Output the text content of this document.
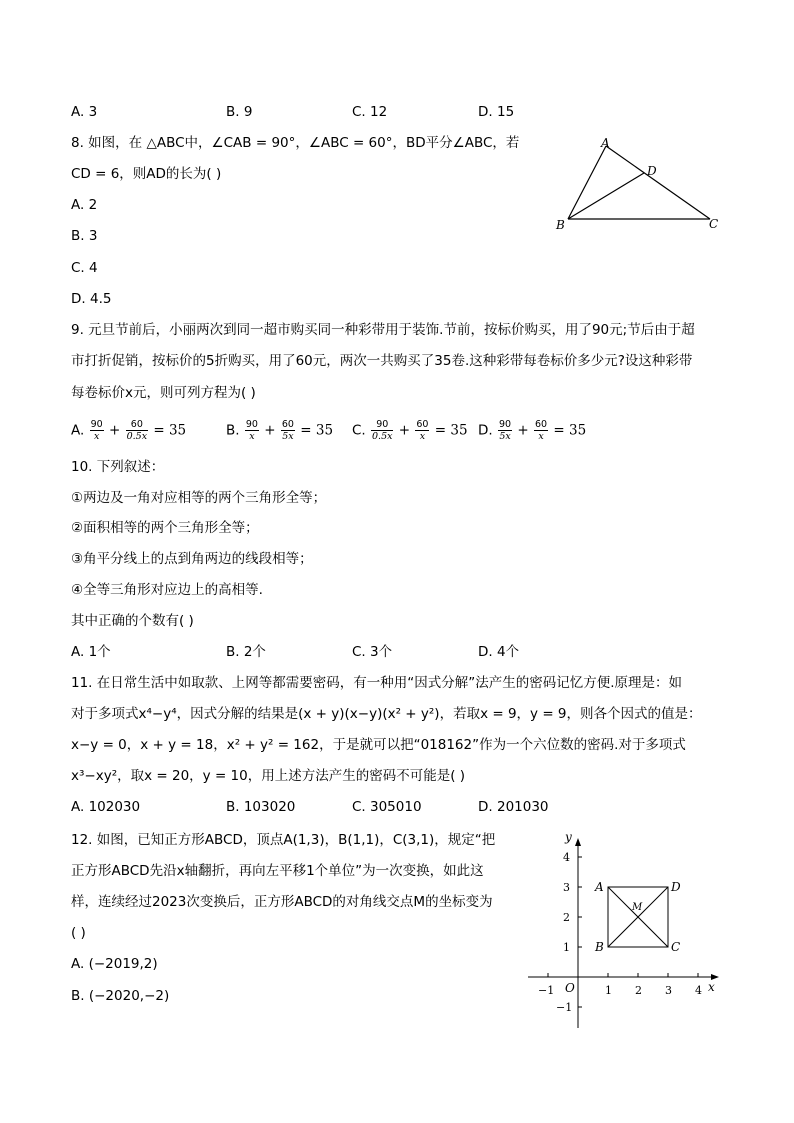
A. 3	B. 9	C. 12	D. 15
8. 如图，在 △ABC中，∠CAB = 90°，∠ABC = 60°，BD平分∠ABC，若
CD = 6，则AD的长为( )
A. 2
B. 3
C. 4
D. 4.5
A
D
B	C
9. 元旦节前后，小丽两次到同一超市购买同一种彩带用于装饰.节前，按标价购买，用了90元;节后由于超
市打折促销，按标价的5折购买，用了60元，两次一共购买了35卷.这种彩带每卷标价多少元?设这种彩带
每卷标价x元，则可列方程为( )
A. $\frac{90}{x} + \frac{60}{0.5x} = 35$	B. $\frac{90}{x} + \frac{60}{5x} = 35$ C. $\frac{90}{0.5x} + \frac{60}{x} = 35$ D. $\frac{90}{5x} + \frac{60}{x} = 35$
10. 下列叙述：
①两边及一角对应相等的两个三角形全等；
②面积相等的两个三角形全等；
③角平分线上的点到角两边的线段相等；
④全等三角形对应边上的高相等.
其中正确的个数有( )
A. 1个	B. 2个	C. 3个	D. 4个
11. 在日常生活中如取款、上网等都需要密码，有一种用“因式分解”法产生的密码记忆方便.原理是：如
对于多项式x⁴−y⁴，因式分解的结果是(x + y)(x−y)(x² + y²)，若取x = 9，y = 9，则各个因式的值是：
x−y = 0，x + y = 18，x² + y² = 162，于是就可以把“018162”作为一个六位数的密码.对于多项式
x³−xy²，取x = 20，y = 10，用上述方法产生的密码不可能是( )
A. 102030	B. 103020	C. 305010	D. 201030
12. 如图，已知正方形ABCD，顶点A(1,3)，B(1,1)，C(3,1)，规定“把
正方形ABCD先沿x轴翻折，再向左平移1个单位”为一次变换，如此这
样，连续经过2023次变换后，正方形ABCD的对角线交点M的坐标变为
( )
A. (−2019,2)
B. (−2020,−2)
y
x
O
−1	1 2 3 4
4
3
2
1
−1
A	D
B	C
M
